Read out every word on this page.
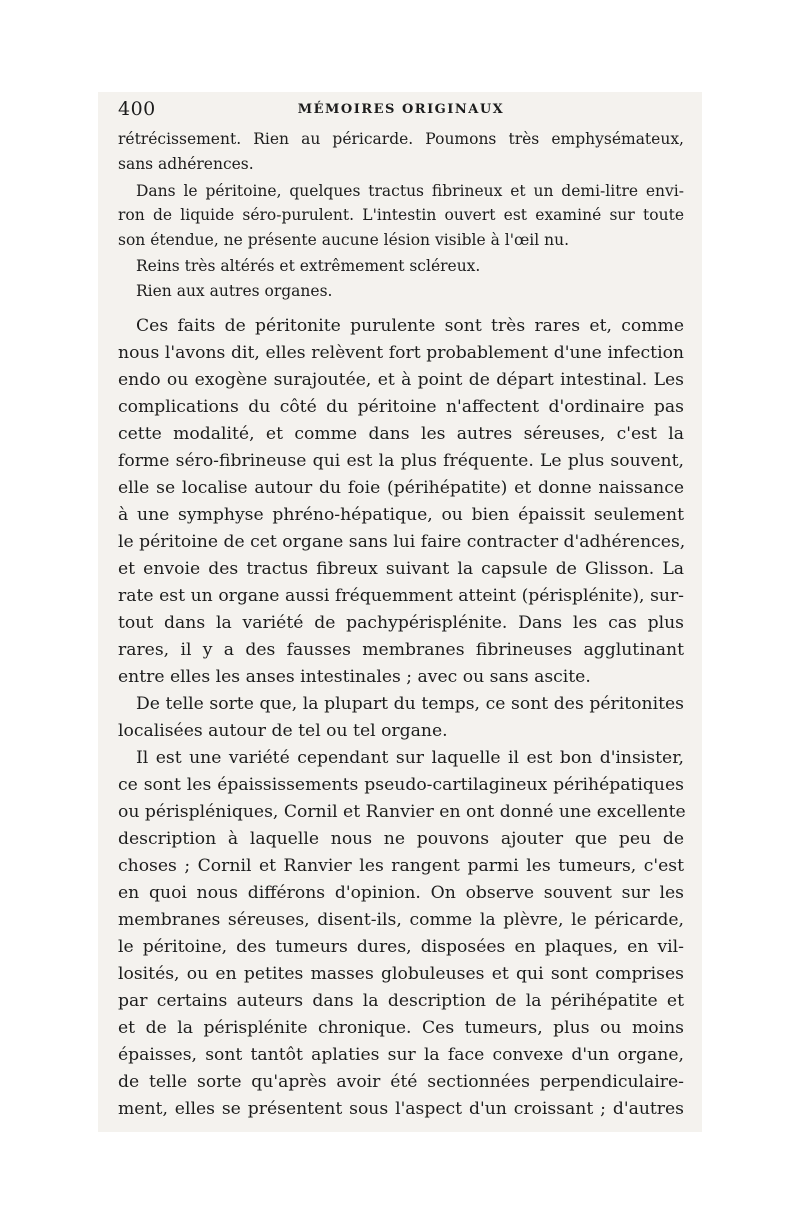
400	MÉMOIRES ORIGINAUX
rétrécissement. Rien au péricarde. Poumons très emphysémateux,
sans adhérences.
Dans le péritoine, quelques tractus fibrineux et un demi-litre envi-
ron de liquide séro-purulent. L'intestin ouvert est examiné sur toute
son étendue, ne présente aucune lésion visible à l'œil nu.
Reins très altérés et extrêmement scléreux.
Rien aux autres organes.
Ces faits de péritonite purulente sont très rares et, comme
nous l'avons dit, elles relèvent fort probablement d'une infection
endo ou exogène surajoutée, et à point de départ intestinal. Les
complications du côté du péritoine n'affectent d'ordinaire pas
cette modalité, et comme dans les autres séreuses, c'est la
forme séro-fibrineuse qui est la plus fréquente. Le plus souvent,
elle se localise autour du foie (périhépatite) et donne naissance
à une symphyse phréno-hépatique, ou bien épaissit seulement
le péritoine de cet organe sans lui faire contracter d'adhérences,
et envoie des tractus fibreux suivant la capsule de Glisson. La
rate est un organe aussi fréquemment atteint (périsplénite), sur-
tout dans la variété de pachypérisplénite. Dans les cas plus
rares, il y a des fausses membranes fibrineuses agglutinant
entre elles les anses intestinales ; avec ou sans ascite.
De telle sorte que, la plupart du temps, ce sont des péritonites
localisées autour de tel ou tel organe.
Il est une variété cependant sur laquelle il est bon d'insister,
ce sont les épaississements pseudo-cartilagineux périhépatiques
ou périspléniques, Cornil et Ranvier en ont donné une excellente
description à laquelle nous ne pouvons ajouter que peu de
choses ; Cornil et Ranvier les rangent parmi les tumeurs, c'est
en quoi nous différons d'opinion. On observe souvent sur les
membranes séreuses, disent-ils, comme la plèvre, le péricarde,
le péritoine, des tumeurs dures, disposées en plaques, en vil-
losités, ou en petites masses globuleuses et qui sont comprises
par certains auteurs dans la description de la périhépatite et
et de la périsplénite chronique. Ces tumeurs, plus ou moins
épaisses, sont tantôt aplaties sur la face convexe d'un organe,
de telle sorte qu'après avoir été sectionnées perpendiculaire-
ment, elles se présentent sous l'aspect d'un croissant ; d'autres
